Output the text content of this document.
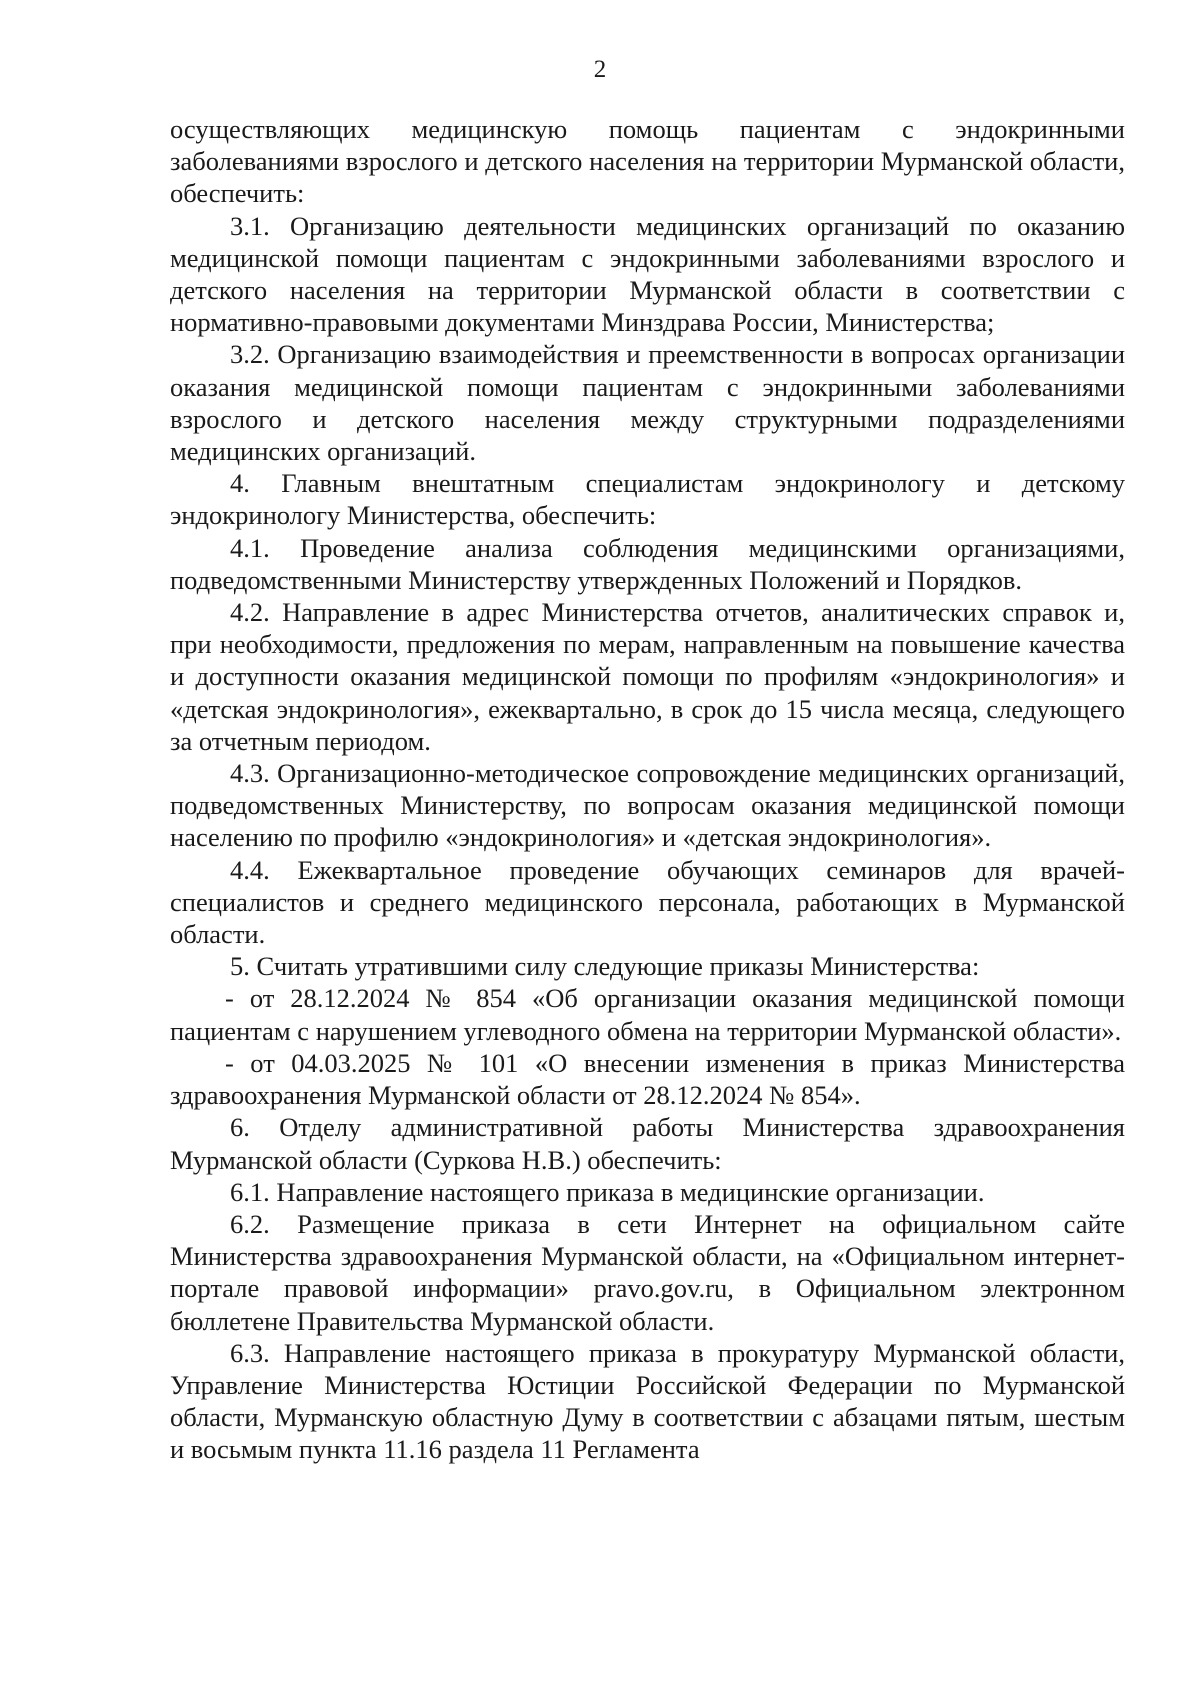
2

осуществляющих медицинскую помощь пациентам с эндокринными заболеваниями взрослого и детского населения на территории Мурманской области, обеспечить:

3.1. Организацию деятельности медицинских организаций по оказанию медицинской помощи пациентам с эндокринными заболеваниями взрослого и детского населения на территории Мурманской области в соответствии с нормативно-правовыми документами Минздрава России, Министерства;

3.2. Организацию взаимодействия и преемственности в вопросах организации оказания медицинской помощи пациентам с эндокринными заболеваниями взрослого и детского населения между структурными подразделениями медицинских организаций.

4. Главным внештатным специалистам эндокринологу и детскому эндокринологу Министерства, обеспечить:

4.1. Проведение анализа соблюдения медицинскими организациями, подведомственными Министерству утвержденных Положений и Порядков.

4.2. Направление в адрес Министерства отчетов, аналитических справок и, при необходимости, предложения по мерам, направленным на повышение качества и доступности оказания медицинской помощи по профилям «эндокринология» и «детская эндокринология», ежеквартально, в срок до 15 числа месяца, следующего за отчетным периодом.

4.3. Организационно-методическое сопровождение медицинских организаций, подведомственных Министерству, по вопросам оказания медицинской помощи населению по профилю «эндокринология» и «детская эндокринология».

4.4. Ежеквартальное проведение обучающих семинаров для врачей-специалистов и среднего медицинского персонала, работающих в Мурманской области.

5. Считать утратившими силу следующие приказы Министерства:

- от 28.12.2024 № 854 «Об организации оказания медицинской помощи пациентам с нарушением углеводного обмена на территории Мурманской области».

- от 04.03.2025 № 101 «О внесении изменения в приказ Министерства здравоохранения Мурманской области от 28.12.2024 № 854».

6. Отделу административной работы Министерства здравоохранения Мурманской области (Суркова Н.В.) обеспечить:

6.1. Направление настоящего приказа в медицинские организации.

6.2. Размещение приказа в сети Интернет на официальном сайте Министерства здравоохранения Мурманской области, на «Официальном интернет-портале правовой информации» pravo.gov.ru, в Официальном электронном бюллетене Правительства Мурманской области.

6.3. Направление настоящего приказа в прокуратуру Мурманской области, Управление Министерства Юстиции Российской Федерации по Мурманской области, Мурманскую областную Думу в соответствии с абзацами пятым, шестым и восьмым пункта 11.16 раздела 11 Регламента
